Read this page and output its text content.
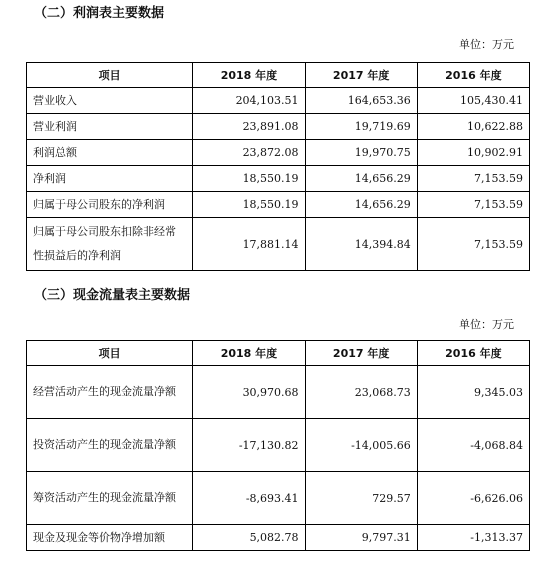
（二）利润表主要数据
单位：万元
项目	2018 年度	2017 年度	2016 年度
营业收入	204,103.51	164,653.36	105,430.41
营业利润	23,891.08	19,719.69	10,622.88
利润总额	23,872.08	19,970.75	10,902.91
净利润	18,550.19	14,656.29	7,153.59
归属于母公司股东的净利润	18,550.19	14,656.29	7,153.59
归属于母公司股东扣除非经常性损益后的净利润	17,881.14	14,394.84	7,153.59
（三）现金流量表主要数据
单位：万元
项目	2018 年度	2017 年度	2016 年度
经营活动产生的现金流量净额	30,970.68	23,068.73	9,345.03
投资活动产生的现金流量净额	-17,130.82	-14,005.66	-4,068.84
筹资活动产生的现金流量净额	-8,693.41	729.57	-6,626.06
现金及现金等价物净增加额	5,082.78	9,797.31	-1,313.37
